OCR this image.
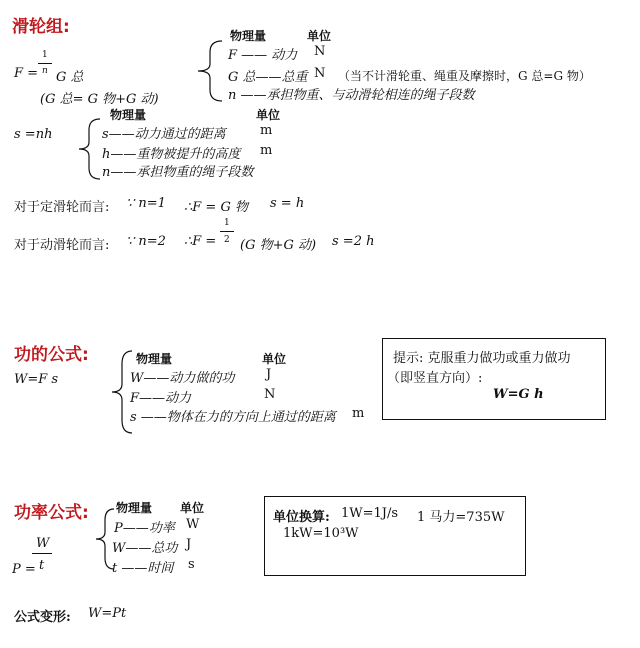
滑轮组:
1
F = n G 总
(G 总= G 物+G 动)
物理量	单位
F —— 动力 N
G 总——总重 N （当不计滑轮重、绳重及摩擦时，G 总=G 物）
n ——承担物重、与动滑轮相连的绳子段数
物理量	单位
s =nh	s——动力通过的距离	m
h——重物被提升的高度 m
n——承担物重的绳子段数
对于定滑轮而言: ∵ n=1 ∴F = G 物 s = h
对于动滑轮而言: ∵ n=2 ∴F =
1
2 (G 物+G 动) s =2 h
功的公式:
W=F s
物理量	单位
W——动力做的功 J
F——动力	N
s ——物体在力的方向上通过的距离 m
提示: 克服重力做功或重力做功
（即竖直方向）:
W=G h
功率公式:
W
P = t
物理量 单位
P——功率 W
W——总功 J
t ——时间 s
单位换算: 1W=1J/s 1 马力=735W
1kW=10³W
公式变形: W=Pt
